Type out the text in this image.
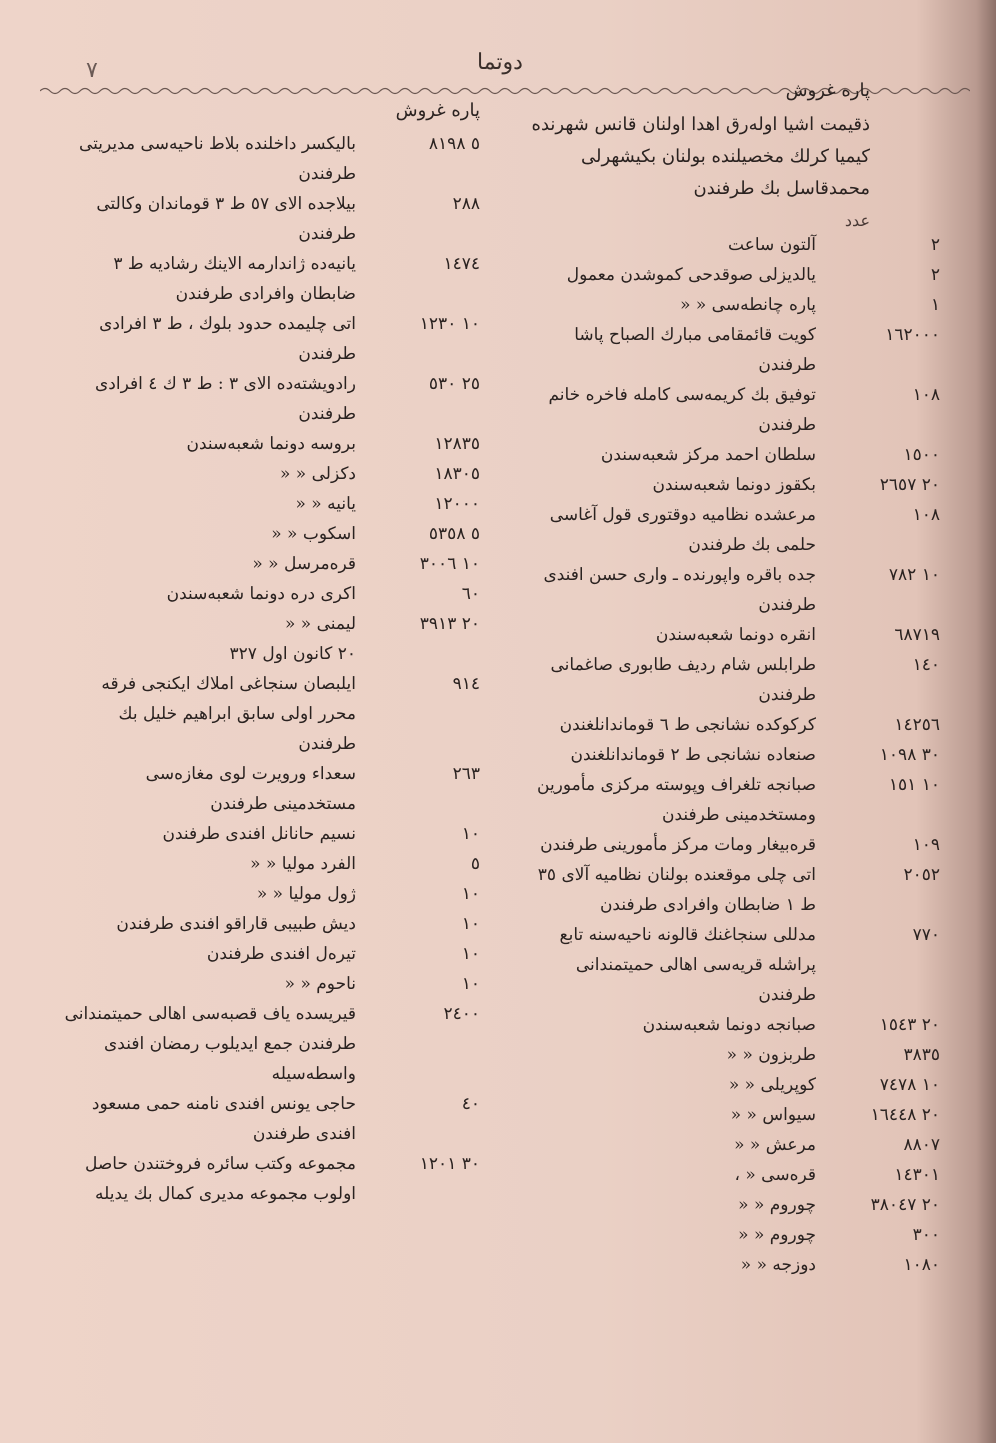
٧	دوتما
پاره غروش

ذقيمت اشيا اولەرق اهدا اولنان قانس شهرنده کیمیا کرلك مخصیلنده بولنان بکیشهرلی محمدقاسل بك طرفندن

عدد
٢
آلتون ساعت
٢
یالدیزلی صوقدحی کموشدن معمول
١
پاره چانطه‌سی « «
١٦٢٠٠٠
کویت قائمقامی مبارك الصباح پاشا طرفندن
١٠٨
توفیق بك کریمه‌سی کامله فاخره خانم طرفندن
١٥٠٠
سلطان احمد مرکز شعبه‌سندن
٢٠ ٢٦٥٧
بکقوز دونما شعبه‌سندن
١٠٨
مرعشده نظامیه دوقتوری قول آغاسی حلمی بك طرفندن
١٠ ٧٨٢
جده باقره واپورنده ـ واری حسن افندی طرفندن
٦٨٧١٩
انقره دونما شعبه‌سندن
١٤٠
طرابلس شام ردیف طابوری صاغمانی طرفندن
١٤٢٥٦
کرکوکده نشانجی ط ٦ قوماندانلغندن
٣٠ ١٠٩٨
صنعاده نشانجی ط ٢ قوماندانلغندن
١٠ ١٥١
صبانجه تلغراف وپوسته مرکزی مأمورین ومستخدمینی طرفندن
١٠٩
قره‌بیغار ومات مرکز مأمورینی طرفندن
٢٠٥٢
اتی چلی موقعنده بولنان نظامیه آلای ٣٥ ط ١ ضابطان وافرادی طرفندن
٧٧٠
مدللی سنجاغنك قالونه ناحیه‌سنه تابع پراشله قریه‌سی اهالی حمیتمندانی طرفندن
٢٠ ١٥٤٣
صبانجه دونما شعبه‌سندن
٣٨٣٥
طربزون « «
١٠ ٧٤٧٨
کوپریلی « «
٢٠ ١٦٤٤٨
سیواس « «
٨٨٠٧
مرعش « «
١٤٣٠١
قره‌سی « ،
٢٠ ٣٨٠٤٧
چوروم « «
٣٠٠
چوروم « «
١٠٨٠
دوزجه « «
پاره غروش
٥ ٨١٩٨
بالیکسر داخلنده بلاط ناحیه‌سی مدیریتی طرفندن
٢٨٨
بیلاجده الای ٥٧ ط ٣ قوماندان وکالتی طرفندن
١٤٧٤
یانیه‌ده ژاندارمه الاینك رشادیه ط ٣ ضابطان وافرادی طرفندن
١٠ ١٢٣٠
اتی چلیمده حدود بلوك ، ط ٣ افرادی طرفندن
٢٥ ٥٣٠
رادویشته‌ده الای ٣ : ط ٣ ك ٤ افرادی طرفندن
١٢٨٣٥
بروسه دونما شعبه‌سندن
١٨٣٠٥
دکزلی « «
١٢٠٠٠
یانیه « «
٥ ٥٣٥٨
اسکوب « «
١٠ ٣٠٠٦
قره‌مرسل « «
٦٠
اکری دره دونما شعبه‌سندن
٢٠ ٣٩١٣
لیمنی « «
٢٠ کانون اول ٣٢٧
٩١٤
ایلبصان سنجاغی املاك ایکنجی فرقه محرر اولی سابق ابراهیم خلیل بك طرفندن
٢٦٣
سعداء ورویرت لوی مغازه‌سی مستخدمینی طرفندن
١٠
نسیم حانانل افندی طرفندن
٥
الفرد مولیا « «
١٠
ژول مولیا « «
١٠
دیش طبیبی قاراقو افندی طرفندن
١٠
تیرەل افندی طرفندن
١٠
ناحوم « «
٢٤٠٠
قیریسده یاف قصبه‌سی اهالی حمیتمندانی طرفندن جمع ایدیلوب رمضان افندی واسطه‌سیله
٤٠
حاجی یونس افندی نامنه حمی مسعود افندی طرفندن
٣٠ ١٢٠١
مجموعه وکتب سائره فروختندن حاصل اولوب مجموعه مدیری کمال بك یدیله
